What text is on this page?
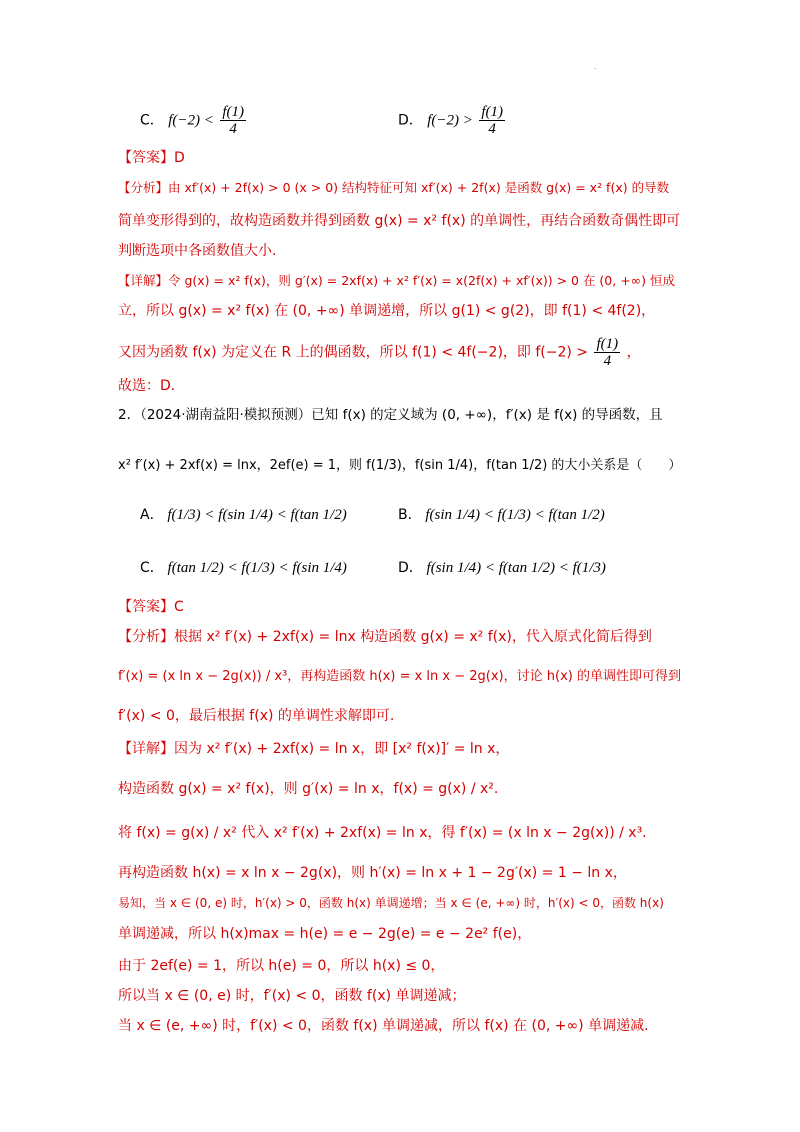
.
C． $f(-2) < \frac{f(1)}{4}$	D． $f(-2) > \frac{f(1)}{4}$
【答案】D
【分析】由 xf′(x) + 2f(x) > 0 (x > 0) 结构特征可知 xf′(x) + 2f(x) 是函数 g(x) = x² f(x) 的导数
简单变形得到的，故构造函数并得到函数 g(x) = x² f(x) 的单调性，再结合函数奇偶性即可
判断选项中各函数值大小.
【详解】令 g(x) = x² f(x)，则 g′(x) = 2xf(x) + x² f′(x) = x(2f(x) + xf′(x)) > 0 在 (0, +∞) 恒成
立，所以 g(x) = x² f(x) 在 (0, +∞) 单调递增，所以 g(1) < g(2)，即 f(1) < 4f(2)，
又因为函数 f(x) 为定义在 R 上的偶函数，所以 f(1) < 4f(−2)，即 $f(-2) > \frac{f(1)}{4}$ ，
故选：D.
2．（2024·湖南益阳·模拟预测）已知 f(x) 的定义域为 (0, +∞)，f′(x) 是 f(x) 的导函数，且
x² f′(x) + 2xf(x) = lnx，2ef(e) = 1，则 f(1/3)，f(sin 1/4)，f(tan 1/2) 的大小关系是（　　）
A． f(1/3) < f(sin 1/4) < f(tan 1/2)	B． f(sin 1/4) < f(1/3) < f(tan 1/2)
C． f(tan 1/2) < f(1/3) < f(sin 1/4)	D． f(sin 1/4) < f(tan 1/2) < f(1/3)
【答案】C
【分析】根据 x² f′(x) + 2xf(x) = lnx 构造函数 g(x) = x² f(x)，代入原式化简后得到
f′(x) = (x ln x − 2g(x)) / x³，再构造函数 h(x) = x ln x − 2g(x)，讨论 h(x) 的单调性即可得到
f′(x) < 0，最后根据 f(x) 的单调性求解即可.
【详解】因为 x² f′(x) + 2xf(x) = ln x，即 [x² f(x)]′ = ln x，
构造函数 g(x) = x² f(x)，则 g′(x) = ln x，f(x) = g(x) / x².
将 f(x) = g(x) / x² 代入 x² f′(x) + 2xf(x) = ln x，得 f′(x) = (x ln x − 2g(x)) / x³.
再构造函数 h(x) = x ln x − 2g(x)，则 h′(x) = ln x + 1 − 2g′(x) = 1 − ln x，
易知，当 x ∈ (0, e) 时，h′(x) > 0，函数 h(x) 单调递增；当 x ∈ (e, +∞) 时，h′(x) < 0，函数 h(x)
单调递减，所以 h(x)max = h(e) = e − 2g(e) = e − 2e² f(e)，
由于 2ef(e) = 1，所以 h(e) = 0，所以 h(x) ≤ 0，
所以当 x ∈ (0, e) 时，f′(x) < 0，函数 f(x) 单调递减；
当 x ∈ (e, +∞) 时，f′(x) < 0，函数 f(x) 单调递减，所以 f(x) 在 (0, +∞) 单调递减.
